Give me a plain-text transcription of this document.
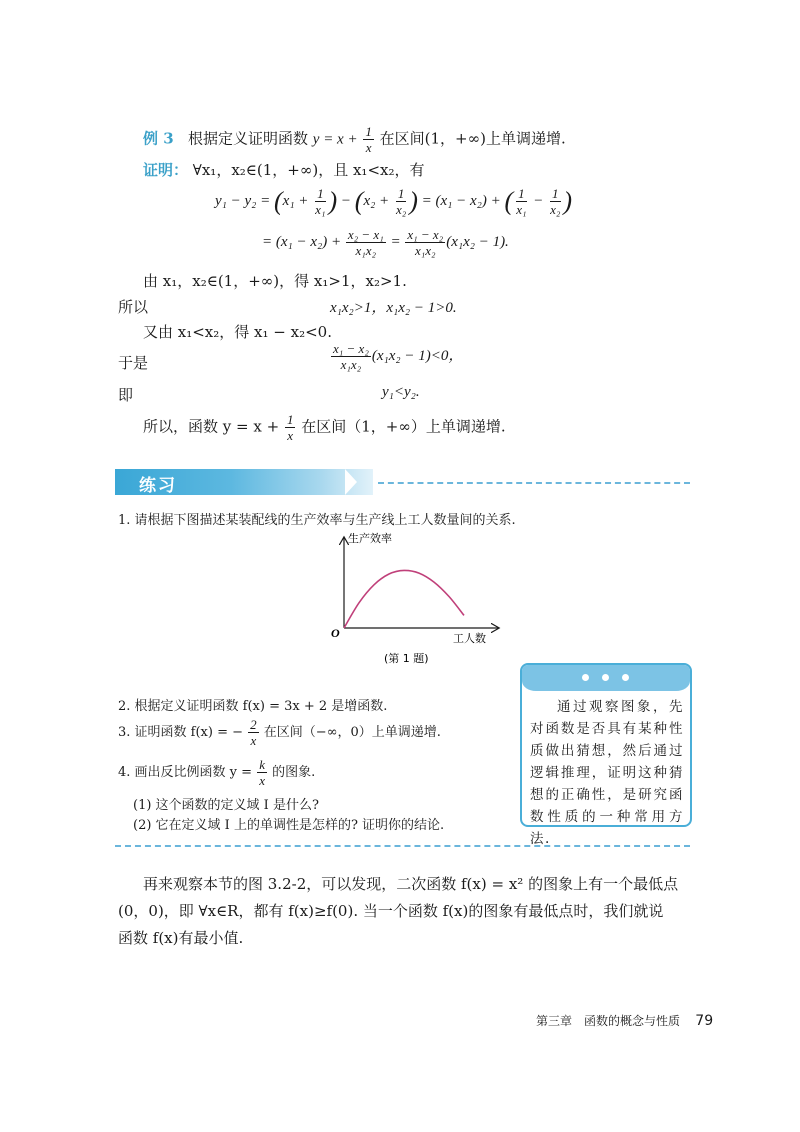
例 3 根据定义证明函数 $y = x + \frac{1}{x}$ 在区间(1，+∞)上单调递增.
证明： ∀x₁，x₂∈(1，+∞)，且 x₁<x₂，有
$y_1 - y_2 = (x_1 + \frac{1}{\text{x₁}}$ ) − ($x_2 + \frac{1}{\text{x₂}}$ ) = (x₁ − x₂) + ( $\frac{1}{\text{x₁}} - \frac{1}{\text{x₂}}$ )
= $(x_1 - x_2) + \frac{\text{x₂ − x₁}}{\text{x₁x₂}} = \frac{\text{x₁ − x₂}}{\text{x₁x₂}} (x_1x_2 - 1)$.
由 x₁，x₂∈(1，+∞)，得 x₁>1，x₂>1.
所以	x₁x₂>1，x₁x₂ − 1>0.
又由 x₁<x₂，得 x₁ − x₂<0.
于是	$\frac{\text{x₁ − x₂}}{\text{x₁x₂}} (x_1x_2 - 1)<0$，
即	y₁<y₂.
所以，函数 $y = x + \frac{1}{x}$ 在区间（1，+∞）上单调递增.
练习
1. 请根据下图描述某装配线的生产效率与生产线上工人数量间的关系.
生产效率
工人数
O
(第 1 题)
2. 根据定义证明函数 f(x) = 3x + 2 是增函数.
3. 证明函数 f(x) = − $\frac{2}{x}$ 在区间（−∞，0）上单调递增.
4. 画出反比例函数 $y = \frac{k}{x}$ 的图象.
(1) 这个函数的定义域 I 是什么?
(2) 它在定义域 I 上的单调性是怎样的? 证明你的结论.
通过观察图象，先对函数是否具有某种性质做出猜想，然后通过逻辑推理，证明这种猜想的正确性，是研究函数性质的一种常用方法.
再来观察本节的图 3.2-2，可以发现，二次函数 f(x) = x² 的图象上有一个最低点
(0，0)，即 ∀x∈R，都有 f(x)≥f(0). 当一个函数 f(x)的图象有最低点时，我们就说
函数 f(x)有最小值.
第三章　函数的概念与性质 79
